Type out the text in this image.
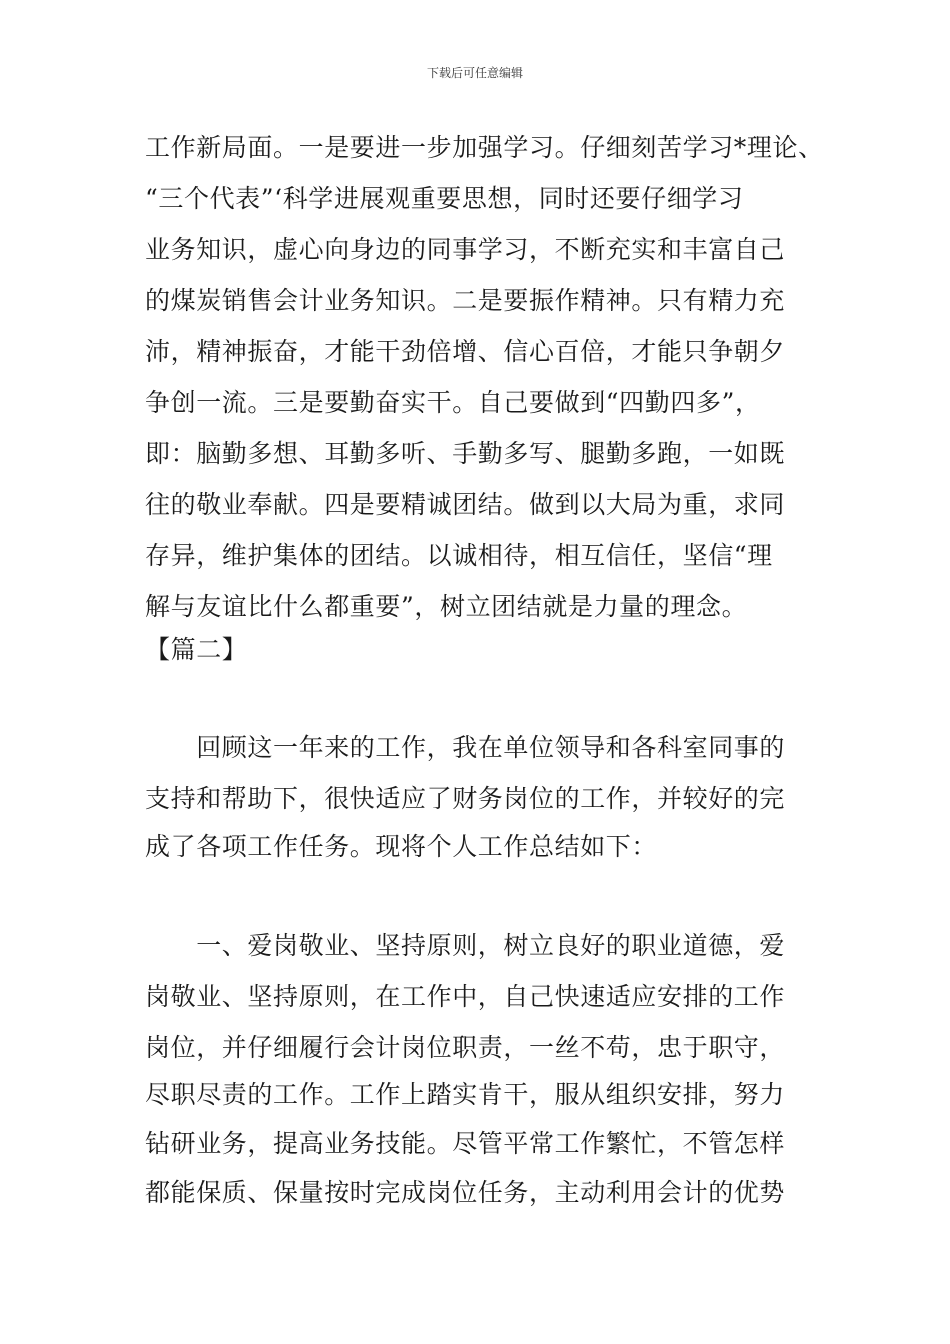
下载后可任意编辑
工作新局面。一是要进一步加强学习。仔细刻苦学习*理论、
“三个代表”‘科学进展观重要思想，同时还要仔细学习
业务知识，虚心向身边的同事学习，不断充实和丰富自己
的煤炭销售会计业务知识。二是要振作精神。只有精力充
沛，精神振奋，才能干劲倍增、信心百倍，才能只争朝夕
争创一流。三是要勤奋实干。自己要做到“四勤四多”，
即：脑勤多想、耳勤多听、手勤多写、腿勤多跑，一如既
往的敬业奉献。四是要精诚团结。做到以大局为重，求同
存异，维护集体的团结。以诚相待，相互信任，坚信“理
解与友谊比什么都重要”，树立团结就是力量的理念。
【篇二】
　　回顾这一年来的工作，我在单位领导和各科室同事的
支持和帮助下，很快适应了财务岗位的工作，并较好的完
成了各项工作任务。现将个人工作总结如下：
　　一、爱岗敬业、坚持原则，树立良好的职业道德，爱
岗敬业、坚持原则，在工作中，自己快速适应安排的工作
岗位，并仔细履行会计岗位职责，一丝不苟，忠于职守，
尽职尽责的工作。工作上踏实肯干，服从组织安排，努力
钻研业务，提高业务技能。尽管平常工作繁忙，不管怎样
都能保质、保量按时完成岗位任务，主动利用会计的优势
